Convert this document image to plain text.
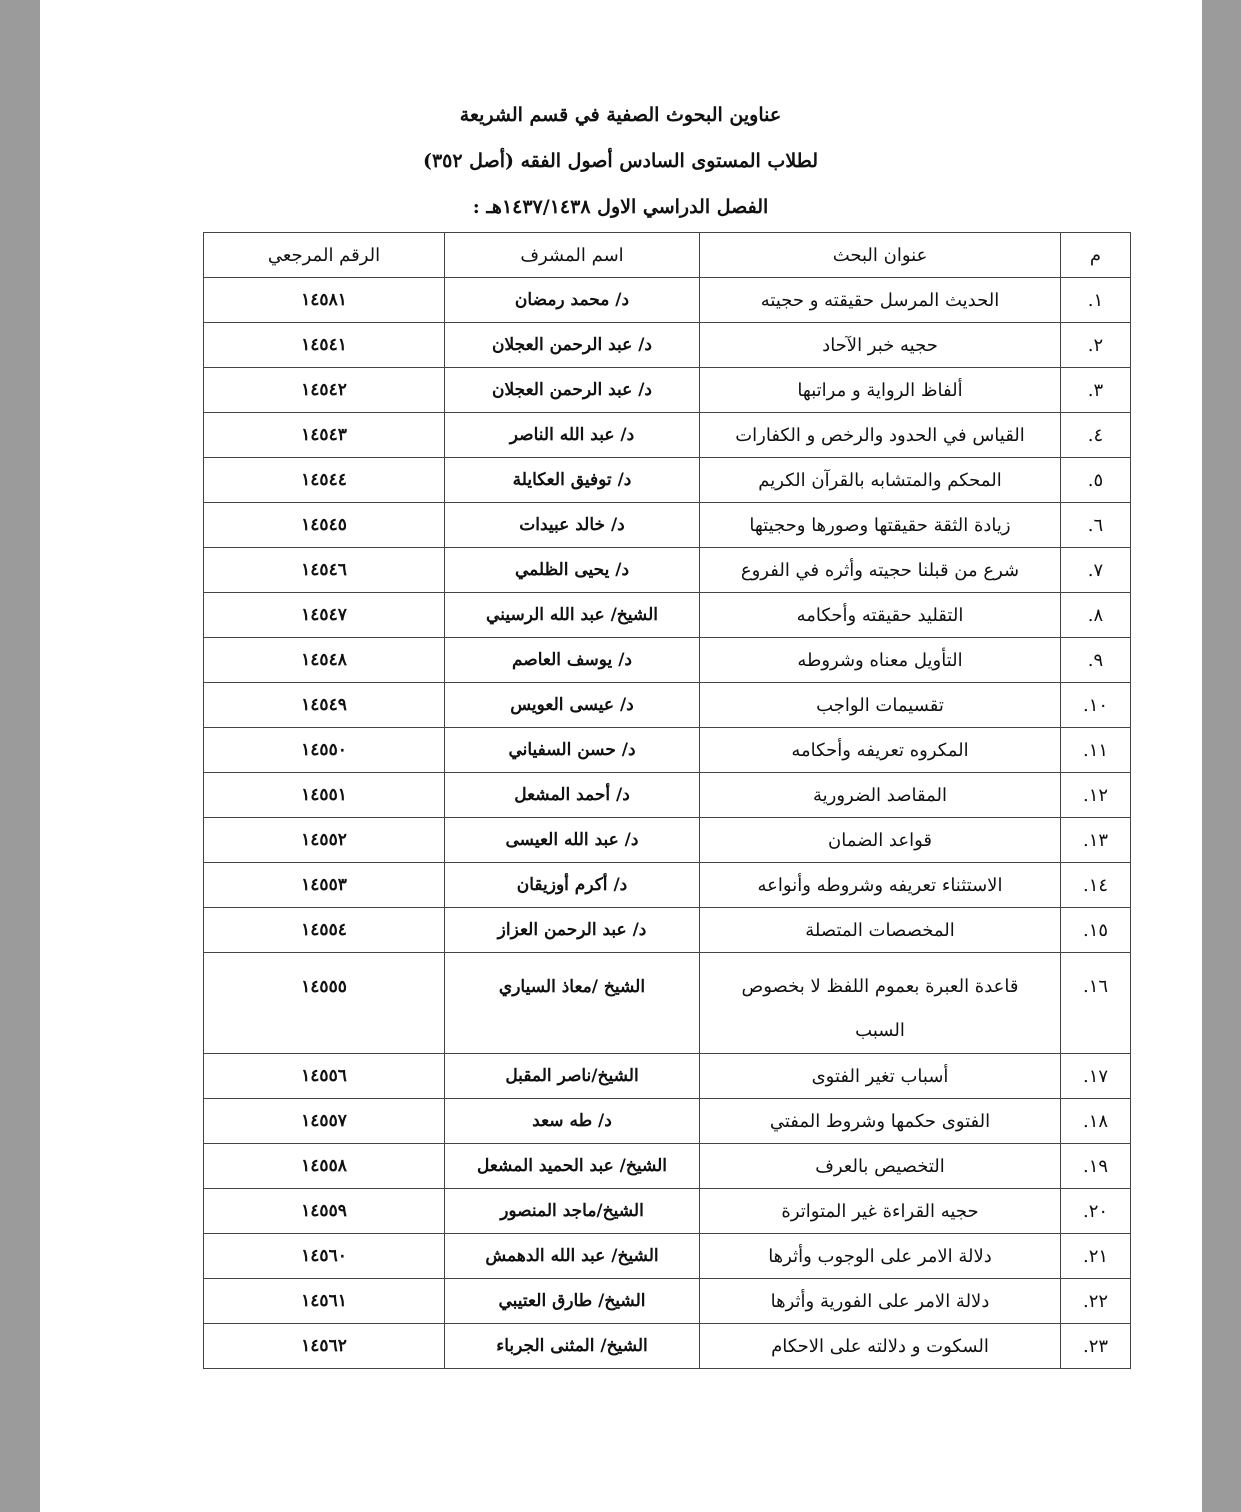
عناوين البحوث الصفية في قسم الشريعة
لطلاب المستوى السادس أصول الفقه (أصل ٣٥٢)
الفصل الدراسي الاول ١٤٣٧/١٤٣٨هـ :
م	عنوان البحث	اسم المشرف	الرقم المرجعي
١.	الحديث المرسل حقيقته و حجيته	د/ محمد رمضان	١٤٥٨١
٢.	حجيه خبر الآحاد	د/ عبد الرحمن العجلان	١٤٥٤١
٣.	ألفاظ الرواية و مراتبها	د/ عبد الرحمن العجلان	١٤٥٤٢
٤.	القياس في الحدود والرخص و الكفارات	د/ عبد الله الناصر	١٤٥٤٣
٥.	المحكم والمتشابه بالقرآن الكريم	د/ توفيق العكايلة	١٤٥٤٤
٦.	زيادة الثقة حقيقتها وصورها وحجيتها	د/ خالد عبيدات	١٤٥٤٥
٧.	شرع من قبلنا حجيته وأثره في الفروع	د/ يحيى الظلمي	١٤٥٤٦
٨.	التقليد حقيقته وأحكامه	الشيخ/ عبد الله الرسيني	١٤٥٤٧
٩.	التأويل معناه وشروطه	د/ يوسف العاصم	١٤٥٤٨
١٠.	تقسيمات الواجب	د/ عيسى العويس	١٤٥٤٩
١١.	المكروه تعريفه وأحكامه	د/ حسن السفياني	١٤٥٥٠
١٢.	المقاصد الضرورية	د/ أحمد المشعل	١٤٥٥١
١٣.	قواعد الضمان	د/ عبد الله العيسى	١٤٥٥٢
١٤.	الاستثناء تعريفه وشروطه وأنواعه	د/ أكرم أوزيقان	١٤٥٥٣
١٥.	المخصصات المتصلة	د/ عبد الرحمن العزاز	١٤٥٥٤
١٦.	قاعدة العبرة بعموم اللفظ لا بخصوص السبب	الشيخ /معاذ السياري	١٤٥٥٥
١٧.	أسباب تغير الفتوى	الشيخ/ناصر المقبل	١٤٥٥٦
١٨.	الفتوى حكمها وشروط المفتي	د/ طه سعد	١٤٥٥٧
١٩.	التخصيص بالعرف	الشيخ/ عبد الحميد المشعل	١٤٥٥٨
٢٠.	حجيه القراءة غير المتواترة	الشيخ/ماجد المنصور	١٤٥٥٩
٢١.	دلالة الامر على الوجوب وأثرها	الشيخ/ عبد الله الدهمش	١٤٥٦٠
٢٢.	دلالة الامر على الفورية وأثرها	الشيخ/ طارق العتيبي	١٤٥٦١
٢٣.	السكوت و دلالته على الاحكام	الشيخ/ المثنى الجرباء	١٤٥٦٢
